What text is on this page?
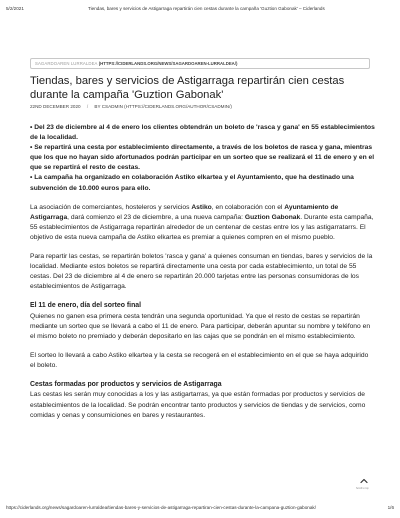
5/2/2021	Tiendas, bares y servicios de Astigarraga repartirán cien cestas durante la campaña 'Guztion Gabonak' – Ciderlands
SAGARDOAREN LURRALDEA (HTTPS://CIDERLANDS.ORG/NEWS/SAGARDOAREN-LURRALDEA/)
Tiendas, bares y servicios de Astigarraga repartirán cien cestas durante la campaña 'Guztion Gabonak'
22ND DECEMBER 2020 / BY CSADMIN (HTTPS://CIDERLANDS.ORG/AUTHOR/CSADMIN/)

• Del 23 de diciembre al 4 de enero los clientes obtendrán un boleto de 'rasca y gana' en 55 establecimientos de la localidad.

• Se repartirá una cesta por establecimiento directamente, a través de los boletos de rasca y gana, mientras que los que no hayan sido afortunados podrán participar en un sorteo que se realizará el 11 de enero y en el que se repartirá el resto de cestas.

• La campaña ha organizado en colaboración Astiko elkartea y el Ayuntamiento, que ha destinado una subvención de 10.000 euros para ello.

La asociación de comerciantes, hosteleros y servicios Astiko, en colaboración con el Ayuntamiento de Astigarraga, dará comienzo el 23 de diciembre, a una nueva campaña: Guztion Gabonak. Durante esta campaña, 55 establecimientos de Astigarraga repartirán alrededor de un centenar de cestas entre los y las astigarratarrs. El objetivo de esta nueva campaña de Astiko elkartea es premiar a quienes compren en el mismo pueblo.

Para repartir las cestas, se repartirán boletos 'rasca y gana' a quienes consuman en tiendas, bares y servicios de la localidad. Mediante estos boletos se repartirá directamente una cesta por cada establecimiento, un total de 55 cestas. Del 23 de diciembre al 4 de enero se repartirán 20.000 tarjetas entre las personas consumidoras de los establecimientos de Astigarraga.

El 11 de enero, día del sorteo final

Quienes no ganen esa primera cesta tendrán una segunda oportunidad. Ya que el resto de cestas se repartirán mediante un sorteo que se llevará a cabo el 11 de enero. Para participar, deberán apuntar su nombre y teléfono en el mismo boleto no premiado y deberán depositarlo en las cajas que se pondrán en el mismo establecimiento.

El sorteo lo llevará a cabo Astiko elkartea y la cesta se recogerá en el establecimiento en el que se haya adquirido el boleto.

Cestas formadas por productos y servicios de Astigarraga

Las cestas les serán muy conocidas a los y las astigartarras, ya que están formadas por productos y servicios de establecimientos de la localidad. Se podrán encontrar tanto productos y servicios de tiendas y de servicios, como comidas y cenas y consumiciones en bares y restaurantes.

Scroll to top
https://ciderlands.org/news/sagardoaren-lurraldea/tiendas-bares-y-servicios-de-astigarraga-repartiran-cien-cestas-durante-la-campana-guztion-gabonak/	1/6
